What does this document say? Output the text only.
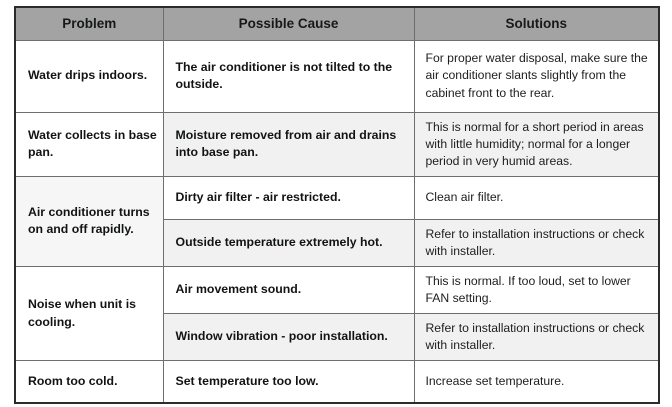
Problem	Possible Cause	Solutions
Water drips indoors.	The air conditioner is not tilted to the outside.	For proper water disposal, make sure the air conditioner slants slightly from the cabinet front to the rear.
Water collects in base pan.	Moisture removed from air and drains into base pan.	This is normal for a short period in areas with little humidity; normal for a longer period in very humid areas.
Air conditioner turns on and off rapidly.	Dirty air filter - air restricted.	Clean air filter.
	Outside temperature extremely hot.	Refer to installation instructions or check with installer.
Noise when unit is cooling.	Air movement sound.	This is normal. If too loud, set to lower FAN setting.
	Window vibration - poor installation.	Refer to installation instructions or check with installer.
Room too cold.	Set temperature too low.	Increase set temperature.
